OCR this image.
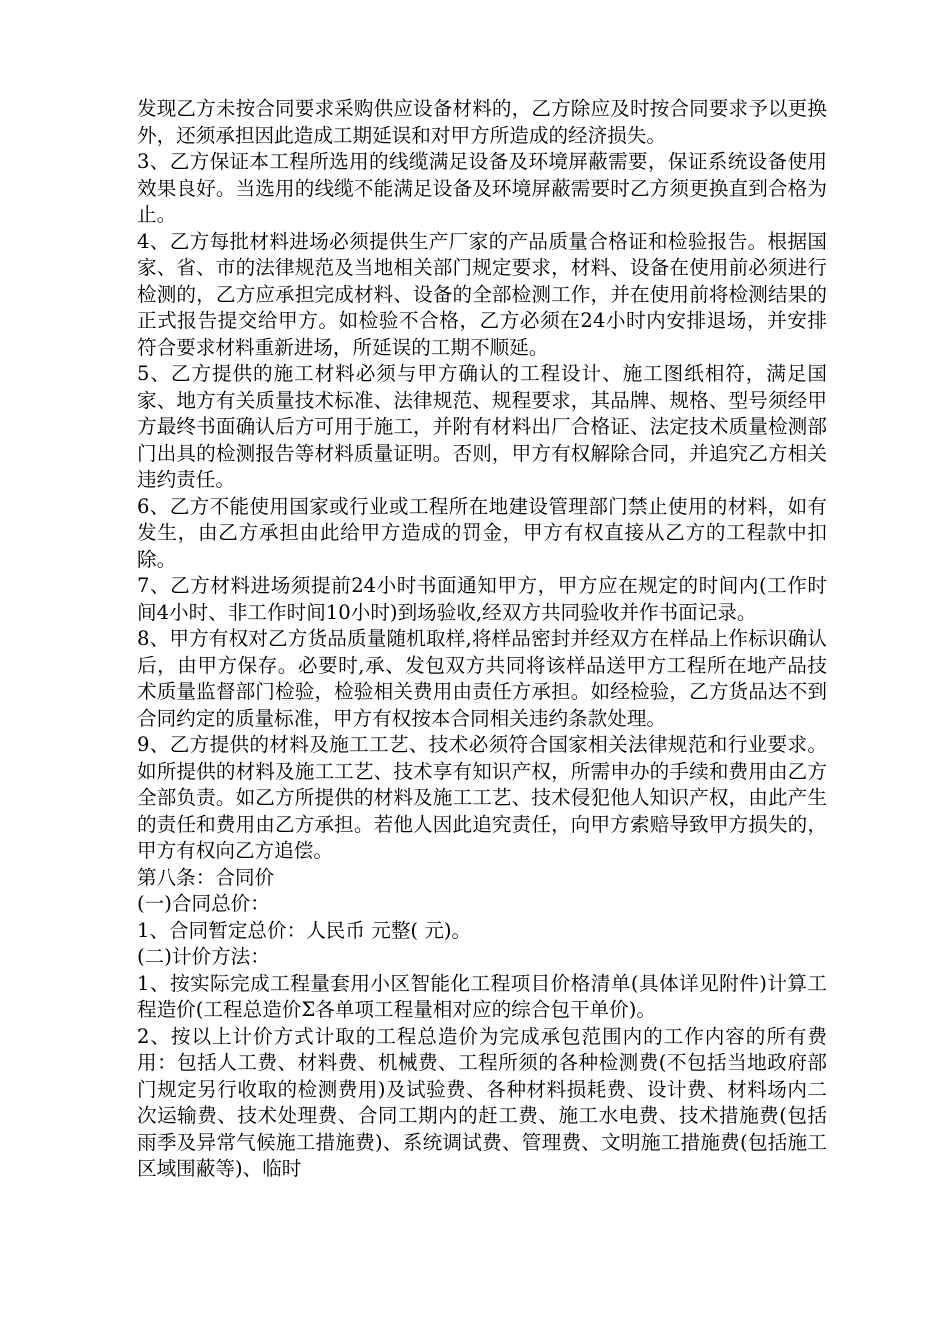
发现乙方未按合同要求采购供应设备材料的，乙方除应及时按合同要求予以更换外，还须承担因此造成工期延误和对甲方所造成的经济损失。

3、乙方保证本工程所选用的线缆满足设备及环境屏蔽需要，保证系统设备使用效果良好。当选用的线缆不能满足设备及环境屏蔽需要时乙方须更换直到合格为止。

4、乙方每批材料进场必须提供生产厂家的产品质量合格证和检验报告。根据国家、省、市的法律规范及当地相关部门规定要求，材料、设备在使用前必须进行检测的，乙方应承担完成材料、设备的全部检测工作，并在使用前将检测结果的正式报告提交给甲方。如检验不合格，乙方必须在24小时内安排退场，并安排符合要求材料重新进场，所延误的工期不顺延。

5、乙方提供的施工材料必须与甲方确认的工程设计、施工图纸相符，满足国家、地方有关质量技术标准、法律规范、规程要求，其品牌、规格、型号须经甲方最终书面确认后方可用于施工，并附有材料出厂合格证、法定技术质量检测部门出具的检测报告等材料质量证明。否则，甲方有权解除合同，并追究乙方相关违约责任。

6、乙方不能使用国家或行业或工程所在地建设管理部门禁止使用的材料，如有发生，由乙方承担由此给甲方造成的罚金，甲方有权直接从乙方的工程款中扣除。

7、乙方材料进场须提前24小时书面通知甲方，甲方应在规定的时间内(工作时间4小时、非工作时间10小时)到场验收,经双方共同验收并作书面记录。

8、甲方有权对乙方货品质量随机取样,将样品密封并经双方在样品上作标识确认后，由甲方保存。必要时,承、发包双方共同将该样品送甲方工程所在地产品技术质量监督部门检验，检验相关费用由责任方承担。如经检验，乙方货品达不到合同约定的质量标准，甲方有权按本合同相关违约条款处理。

9、乙方提供的材料及施工工艺、技术必须符合国家相关法律规范和行业要求。如所提供的材料及施工工艺、技术享有知识产权，所需申办的手续和费用由乙方全部负责。如乙方所提供的材料及施工工艺、技术侵犯他人知识产权，由此产生的责任和费用由乙方承担。若他人因此追究责任，向甲方索赔导致甲方损失的，甲方有权向乙方追偿。

第八条：合同价

(一)合同总价：

1、合同暂定总价：人民币 元整( 元)。

(二)计价方法：

1、按实际完成工程量套用小区智能化工程项目价格清单(具体详见附件)计算工程造价(工程总造价Σ各单项工程量相对应的综合包干单价)。

2、按以上计价方式计取的工程总造价为完成承包范围内的工作内容的所有费用：包括人工费、材料费、机械费、工程所须的各种检测费(不包括当地政府部门规定另行收取的检测费用)及试验费、各种材料损耗费、设计费、材料场内二次运输费、技术处理费、合同工期内的赶工费、施工水电费、技术措施费(包括雨季及异常气候施工措施费)、系统调试费、管理费、文明施工措施费(包括施工区域围蔽等)、临时
